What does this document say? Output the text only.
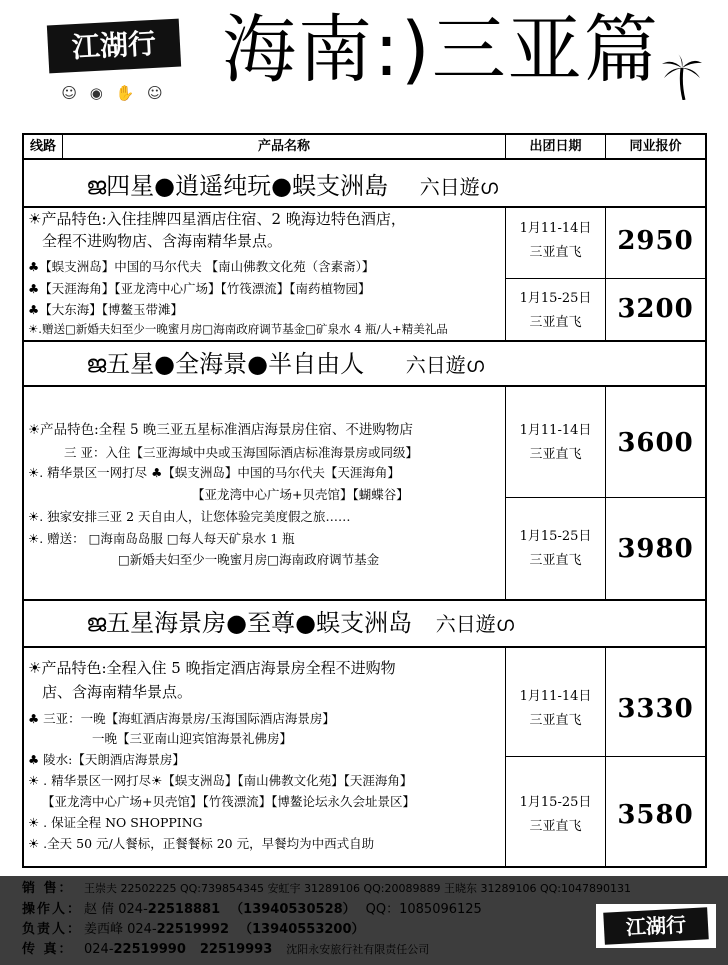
江湖行
☺ ◉ ✋ ☺ 海南:)三亚篇
线路	产品名称	出团日期	同业报价
ജ四星●逍遥纯玩●蜈支洲島 六日遊ഗ
☀产品特色:入住挂牌四星酒店住宿、2 晚海边特色酒店，
全程不进购物店、含海南精华景点。
♣【蜈支洲岛】中国的马尔代夫 【南山佛教文化苑（含素斋）】
♣【天涯海角】【亚龙湾中心广场】【竹筏漂流】【南药植物园】
♣【大东海】【博鳌玉带滩】
☀.赠送□新婚夫妇至少一晚蜜月房□海南政府调节基金□矿泉水 4 瓶/人+精美礼品
1月11-14日
三亚直飞	2950
1月15-25日
三亚直飞	3200
ജ五星●全海景●半自由人 六日遊ഗ
☀产品特色:全程 5 晚三亚五星标准酒店海景房住宿、不进购物店
三 亚：入住【三亚海域中央或玉海国际酒店标准海景房或同级】
☀. 精华景区一网打尽 ♣【蜈支洲岛】中国的马尔代夫【天涯海角】
【亚龙湾中心广场+贝壳馆】【蝴蝶谷】
☀. 独家安排三亚 2 天自由人，让您体验完美度假之旅……
☀. 赠送： □海南岛岛服 □每人每天矿泉水 1 瓶
□新婚夫妇至少一晚蜜月房□海南政府调节基金
1月11-14日
三亚直飞	3600
1月15-25日
三亚直飞	3980
ജ五星海景房●至尊●蜈支洲岛 六日遊ഗ
☀产品特色:全程入住 5 晚指定酒店海景房全程不进购物
店、含海南精华景点。
♣ 三亚：一晚【海虹酒店海景房/玉海国际酒店海景房】
一晚【三亚南山迎宾馆海景礼佛房】
♣ 陵水:【天朗酒店海景房】
☀ . 精华景区一网打尽☀【蜈支洲岛】【南山佛教文化苑】【天涯海角】
【亚龙湾中心广场+贝壳馆】【竹筏漂流】【博鳌论坛永久会址景区】
☀ . 保证全程 NO SHOPPING
☀ .全天 50 元/人餐标，正餐餐标 20 元，早餐均为中西式自助
1月11-14日
三亚直飞	3330
1月15-25日
三亚直飞	3580
销 售： 王崇夫 22502225 QQ:739854345 安虹宇 31289106 QQ:20089889 王晓东 31289106 QQ:1047890131
操作人： 赵 倩 024-22518881 （13940530528） QQ：1085096125
负责人： 姜西峰 024-22519992 （13940553200）
传 真： 024-22519990 22519993 沈阳永安旅行社有限责任公司
江湖行
